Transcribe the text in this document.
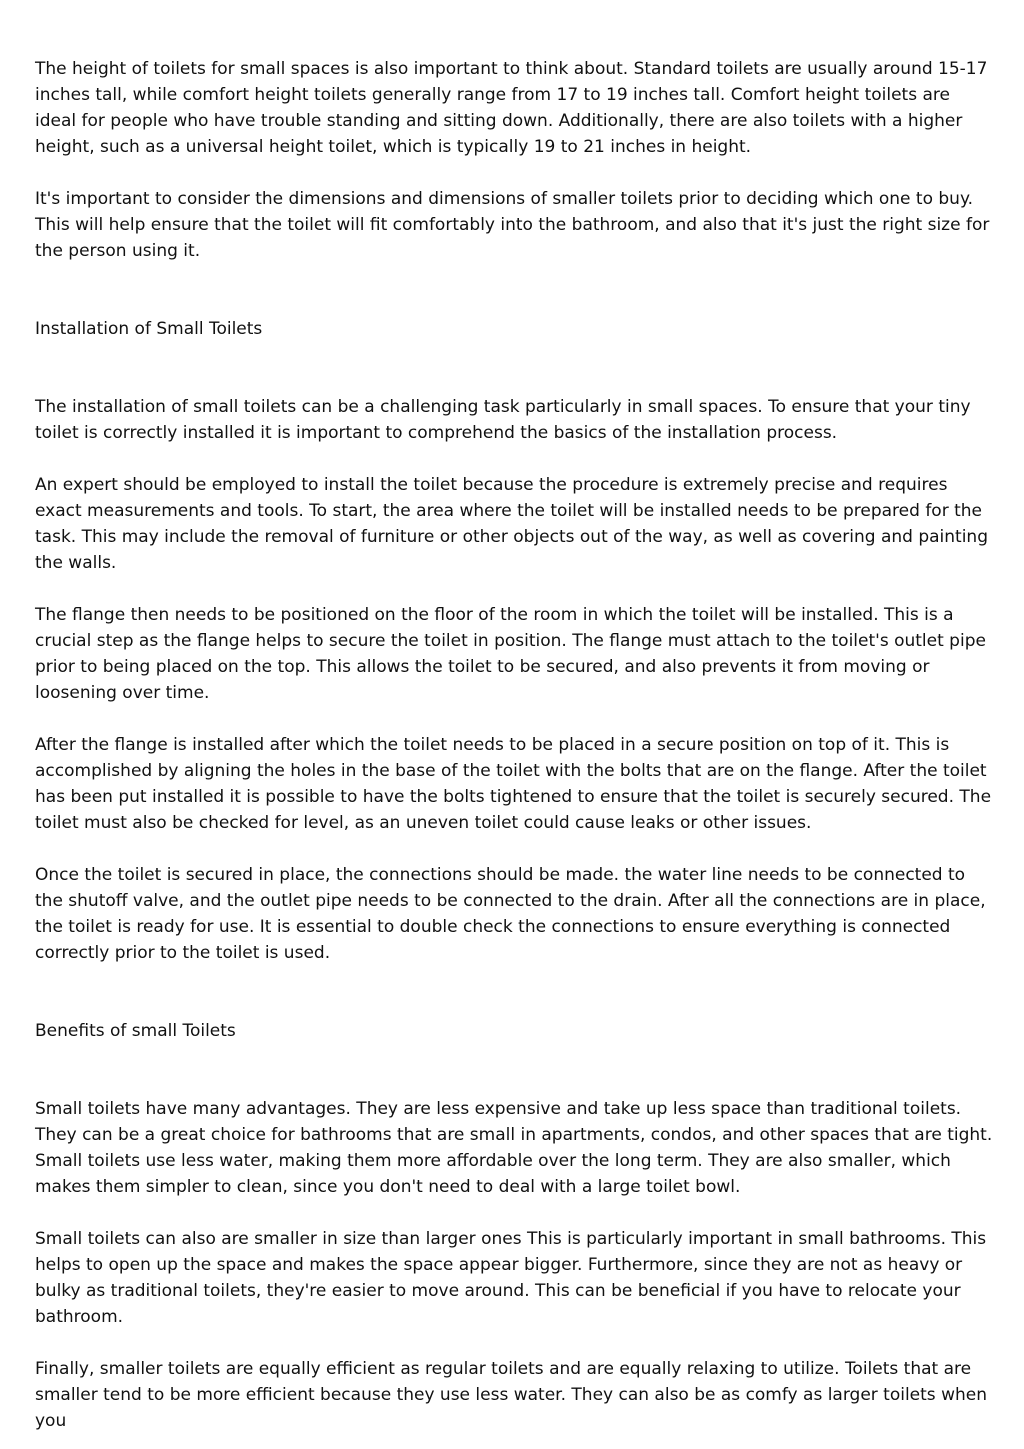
The height of toilets for small spaces is also important to think about. Standard toilets are usually around 15-17 inches tall, while comfort height toilets generally range from 17 to 19 inches tall. Comfort height toilets are ideal for people who have trouble standing and sitting down. Additionally, there are also toilets with a higher height, such as a universal height toilet, which is typically 19 to 21 inches in height.

It's important to consider the dimensions and dimensions of smaller toilets prior to deciding which one to buy. This will help ensure that the toilet will fit comfortably into the bathroom, and also that it's just the right size for the person using it.

Installation of Small Toilets

The installation of small toilets can be a challenging task particularly in small spaces. To ensure that your tiny toilet is correctly installed it is important to comprehend the basics of the installation process.

An expert should be employed to install the toilet because the procedure is extremely precise and requires exact measurements and tools. To start, the area where the toilet will be installed needs to be prepared for the task. This may include the removal of furniture or other objects out of the way, as well as covering and painting the walls.

The flange then needs to be positioned on the floor of the room in which the toilet will be installed. This is a crucial step as the flange helps to secure the toilet in position. The flange must attach to the toilet's outlet pipe prior to being placed on the top. This allows the toilet to be secured, and also prevents it from moving or loosening over time.

After the flange is installed after which the toilet needs to be placed in a secure position on top of it. This is accomplished by aligning the holes in the base of the toilet with the bolts that are on the flange. After the toilet has been put installed it is possible to have the bolts tightened to ensure that the toilet is securely secured. The toilet must also be checked for level, as an uneven toilet could cause leaks or other issues.

Once the toilet is secured in place, the connections should be made. the water line needs to be connected to the shutoff valve, and the outlet pipe needs to be connected to the drain. After all the connections are in place, the toilet is ready for use. It is essential to double check the connections to ensure everything is connected correctly prior to the toilet is used.

Benefits of small Toilets

Small toilets have many advantages. They are less expensive and take up less space than traditional toilets. They can be a great choice for bathrooms that are small in apartments, condos, and other spaces that are tight. Small toilets use less water, making them more affordable over the long term. They are also smaller, which makes them simpler to clean, since you don't need to deal with a large toilet bowl.

Small toilets can also are smaller in size than larger ones This is particularly important in small bathrooms. This helps to open up the space and makes the space appear bigger. Furthermore, since they are not as heavy or bulky as traditional toilets, they're easier to move around. This can be beneficial if you have to relocate your bathroom.

Finally, smaller toilets are equally efficient as regular toilets and are equally relaxing to utilize. Toilets that are smaller tend to be more efficient because they use less water. They can also be as comfy as larger toilets when you
